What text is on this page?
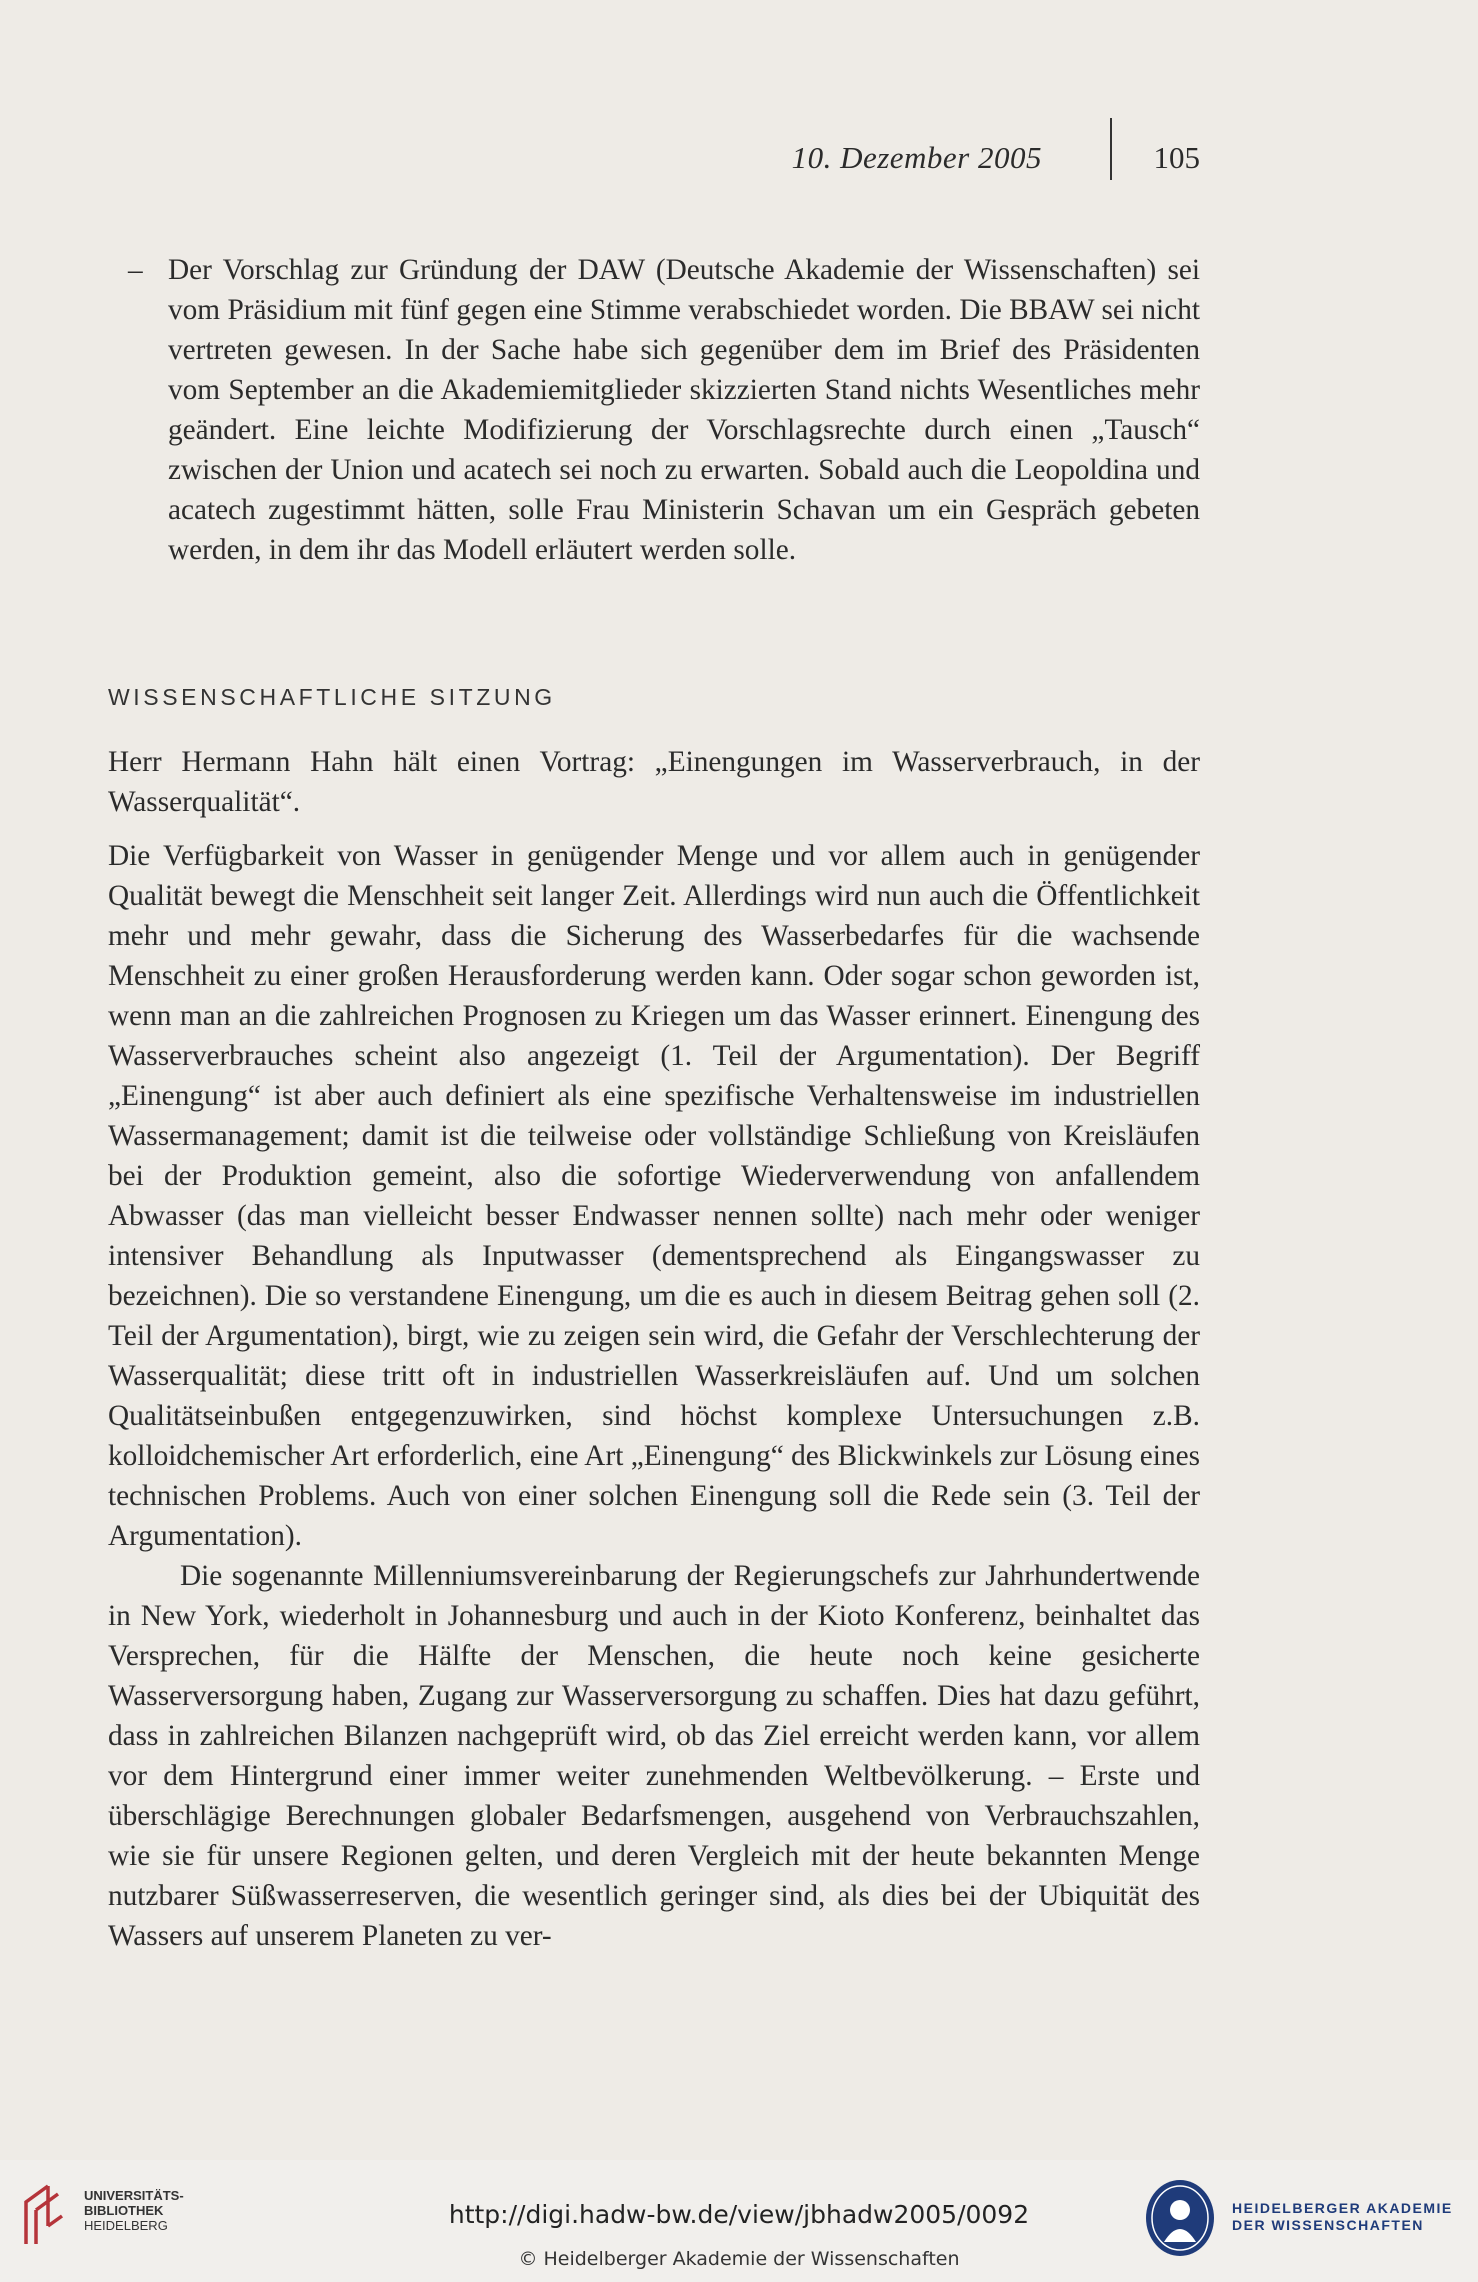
10. Dezember 2005	105
– Der Vorschlag zur Gründung der DAW (Deutsche Akademie der Wissenschaften) sei vom Präsidium mit fünf gegen eine Stimme verabschiedet worden. Die BBAW sei nicht vertreten gewesen. In der Sache habe sich gegenüber dem im Brief des Präsidenten vom September an die Akademiemitglieder skizzierten Stand nichts Wesentliches mehr geändert. Eine leichte Modifizierung der Vorschlagsrechte durch einen „Tausch“ zwischen der Union und acatech sei noch zu erwarten. Sobald auch die Leopoldina und acatech zugestimmt hätten, solle Frau Ministerin Schavan um ein Gespräch gebeten werden, in dem ihr das Modell erläutert werden solle.
WISSENSCHAFTLICHE SITZUNG

Herr Hermann Hahn hält einen Vortrag: „Einengungen im Wasserverbrauch, in der Wasserqualität“.

Die Verfügbarkeit von Wasser in genügender Menge und vor allem auch in genügender Qualität bewegt die Menschheit seit langer Zeit. Allerdings wird nun auch die Öffentlichkeit mehr und mehr gewahr, dass die Sicherung des Wasserbedarfes für die wachsende Menschheit zu einer großen Herausforderung werden kann. Oder sogar schon geworden ist, wenn man an die zahlreichen Prognosen zu Kriegen um das Wasser erinnert. Einengung des Wasserverbrauches scheint also angezeigt (1. Teil der Argumentation). Der Begriff „Einengung“ ist aber auch definiert als eine spezifische Verhaltensweise im industriellen Wassermanagement; damit ist die teilweise oder vollständige Schließung von Kreisläufen bei der Produktion gemeint, also die sofortige Wiederverwendung von anfallendem Abwasser (das man vielleicht besser Endwasser nennen sollte) nach mehr oder weniger intensiver Behandlung als Inputwasser (dementsprechend als Eingangswasser zu bezeichnen). Die so verstandene Einengung, um die es auch in diesem Beitrag gehen soll (2. Teil der Argumentation), birgt, wie zu zeigen sein wird, die Gefahr der Verschlechterung der Wasserqualität; diese tritt oft in industriellen Wasserkreisläufen auf. Und um solchen Qualitätseinbußen entgegenzuwirken, sind höchst komplexe Untersuchungen z.B. kolloidchemischer Art erforderlich, eine Art „Einengung“ des Blickwinkels zur Lösung eines technischen Problems. Auch von einer solchen Einengung soll die Rede sein (3. Teil der Argumentation).

Die sogenannte Millenniumsvereinbarung der Regierungschefs zur Jahrhundertwende in New York, wiederholt in Johannesburg und auch in der Kioto Konferenz, beinhaltet das Versprechen, für die Hälfte der Menschen, die heute noch keine gesicherte Wasserversorgung haben, Zugang zur Wasserversorgung zu schaffen. Dies hat dazu geführt, dass in zahlreichen Bilanzen nachgeprüft wird, ob das Ziel erreicht werden kann, vor allem vor dem Hintergrund einer immer weiter zunehmenden Weltbevölkerung. – Erste und überschlägige Berechnungen globaler Bedarfsmengen, ausgehend von Verbrauchszahlen, wie sie für unsere Regionen gelten, und deren Vergleich mit der heute bekannten Menge nutzbarer Süßwasserreserven, die wesentlich geringer sind, als dies bei der Ubiquität des Wassers auf unserem Planeten zu ver-

UNIVERSITÄTS-
BIBLIOTHEK
HEIDELBERG	http://digi.hadw-bw.de/view/jbhadw2005/0092
© Heidelberger Akademie der Wissenschaften
HEIDELBERGER AKADEMIE
DER WISSENSCHAFTEN
